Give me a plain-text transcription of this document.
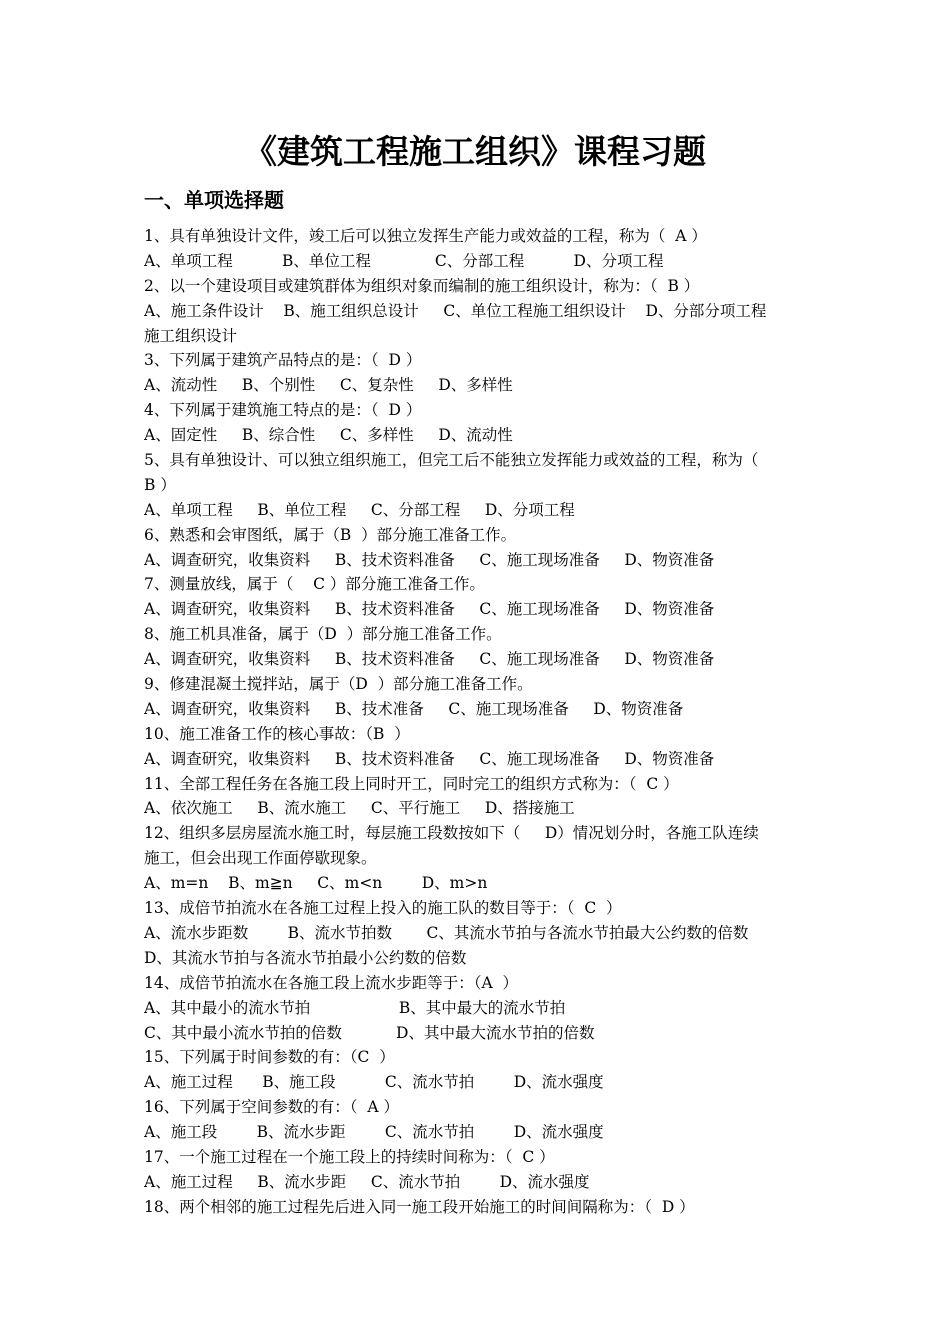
《建筑工程施工组织》课程习题
一、单项选择题
1、具有单独设计文件，竣工后可以独立发挥生产能力或效益的工程，称为（  A ）
A、单项工程          B、单位工程             C、分部工程          D、分项工程
2、以一个建设项目或建筑群体为组织对象而编制的施工组织设计，称为：（  B ）
A、施工条件设计    B、施工组织总设计     C、单位工程施工组织设计    D、分部分项工程
施工组织设计
3、下列属于建筑产品特点的是：（  D ）
A、流动性     B、个别性     C、复杂性     D、多样性
4、下列属于建筑施工特点的是：（  D ）
A、固定性     B、综合性     C、多样性     D、流动性
5、具有单独设计、可以独立组织施工，但完工后不能独立发挥能力或效益的工程，称为（
B ）
A、单项工程     B、单位工程     C、分部工程     D、分项工程
6、熟悉和会审图纸，属于（B  ）部分施工准备工作。
A、调查研究，收集资料     B、技术资料准备     C、施工现场准备     D、物资准备
7、测量放线，属于（    C ）部分施工准备工作。
A、调查研究，收集资料     B、技术资料准备     C、施工现场准备     D、物资准备
8、施工机具准备，属于（D  ）部分施工准备工作。
A、调查研究，收集资料     B、技术资料准备     C、施工现场准备     D、物资准备
9、修建混凝土搅拌站，属于（D  ）部分施工准备工作。
A、调查研究，收集资料     B、技术准备     C、施工现场准备     D、物资准备
10、施工准备工作的核心事故：（B  ）
A、调查研究，收集资料     B、技术资料准备     C、施工现场准备     D、物资准备
11、全部工程任务在各施工段上同时开工，同时完工的组织方式称为：（  C ）
A、依次施工     B、流水施工     C、平行施工     D、搭接施工
12、组织多层房屋流水施工时，每层施工段数按如下（     D）情况划分时，各施工队连续
施工，但会出现工作面停歇现象。
A、m=n    B、m≧n     C、m<n        D、m>n
13、成倍节拍流水在各施工过程上投入的施工队的数目等于：（  C  ）
A、流水步距数        B、流水节拍数       C、其流水节拍与各流水节拍最大公约数的倍数
D、其流水节拍与各流水节拍最小公约数的倍数
14、成倍节拍流水在各施工段上流水步距等于：（A  ）
A、其中最小的流水节拍                  B、其中最大的流水节拍
C、其中最小流水节拍的倍数           D、其中最大流水节拍的倍数
15、下列属于时间参数的有：（C  ）
A、施工过程      B、施工段          C、流水节拍        D、流水强度
16、下列属于空间参数的有：（  A ）
A、施工段        B、流水步距        C、流水节拍        D、流水强度
17、一个施工过程在一个施工段上的持续时间称为：（  C ）
A、施工过程     B、流水步距     C、流水节拍        D、流水强度
18、两个相邻的施工过程先后进入同一施工段开始施工的时间间隔称为：（  D ）
